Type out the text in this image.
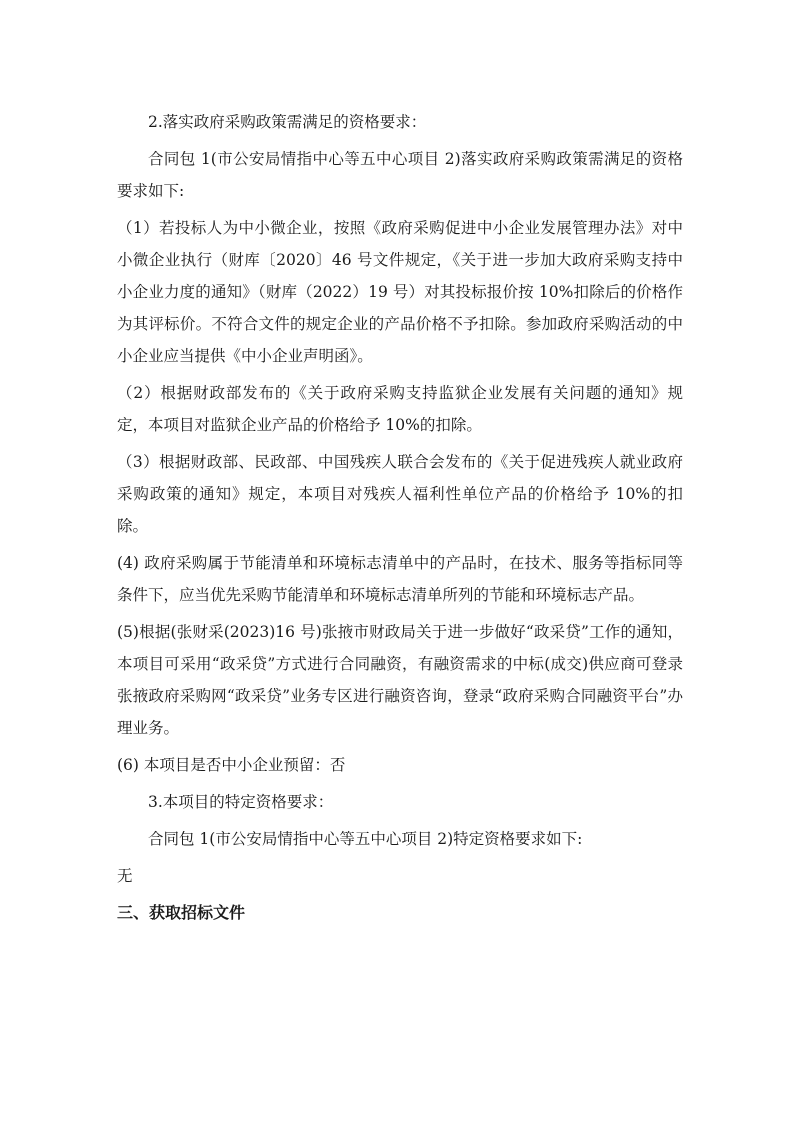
2.落实政府采购政策需满足的资格要求：

合同包 1(市公安局情指中心等五中心项目 2)落实政府采购政策需满足的资格要求如下:

（1）若投标人为中小微企业，按照《政府采购促进中小企业发展管理办法》对中小微企业执行（财库〔2020〕46 号文件规定，《关于进一步加大政府采购支持中小企业力度的通知》（财库（2022）19 号）对其投标报价按 10%扣除后的价格作为其评标价。不符合文件的规定企业的产品价格不予扣除。参加政府采购活动的中小企业应当提供《中小企业声明函》。

（2）根据财政部发布的《关于政府采购支持监狱企业发展有关问题的通知》规定，本项目对监狱企业产品的价格给予 10%的扣除。

（3）根据财政部、民政部、中国残疾人联合会发布的《关于促进残疾人就业政府采购政策的通知》规定，本项目对残疾人福利性单位产品的价格给予 10%的扣除。

(4) 政府采购属于节能清单和环境标志清单中的产品时，在技术、服务等指标同等条件下，应当优先采购节能清单和环境标志清单所列的节能和环境标志产品。

(5)根据(张财采(2023)16 号)张掖市财政局关于进一步做好“政采贷”工作的通知，本项目可采用“政采贷”方式进行合同融资，有融资需求的中标(成交)供应商可登录张掖政府采购网“政采贷”业务专区进行融资咨询，登录“政府采购合同融资平台”办理业务。

(6) 本项目是否中小企业预留：否

3.本项目的特定资格要求：

合同包 1(市公安局情指中心等五中心项目 2)特定资格要求如下:

无

三、获取招标文件
